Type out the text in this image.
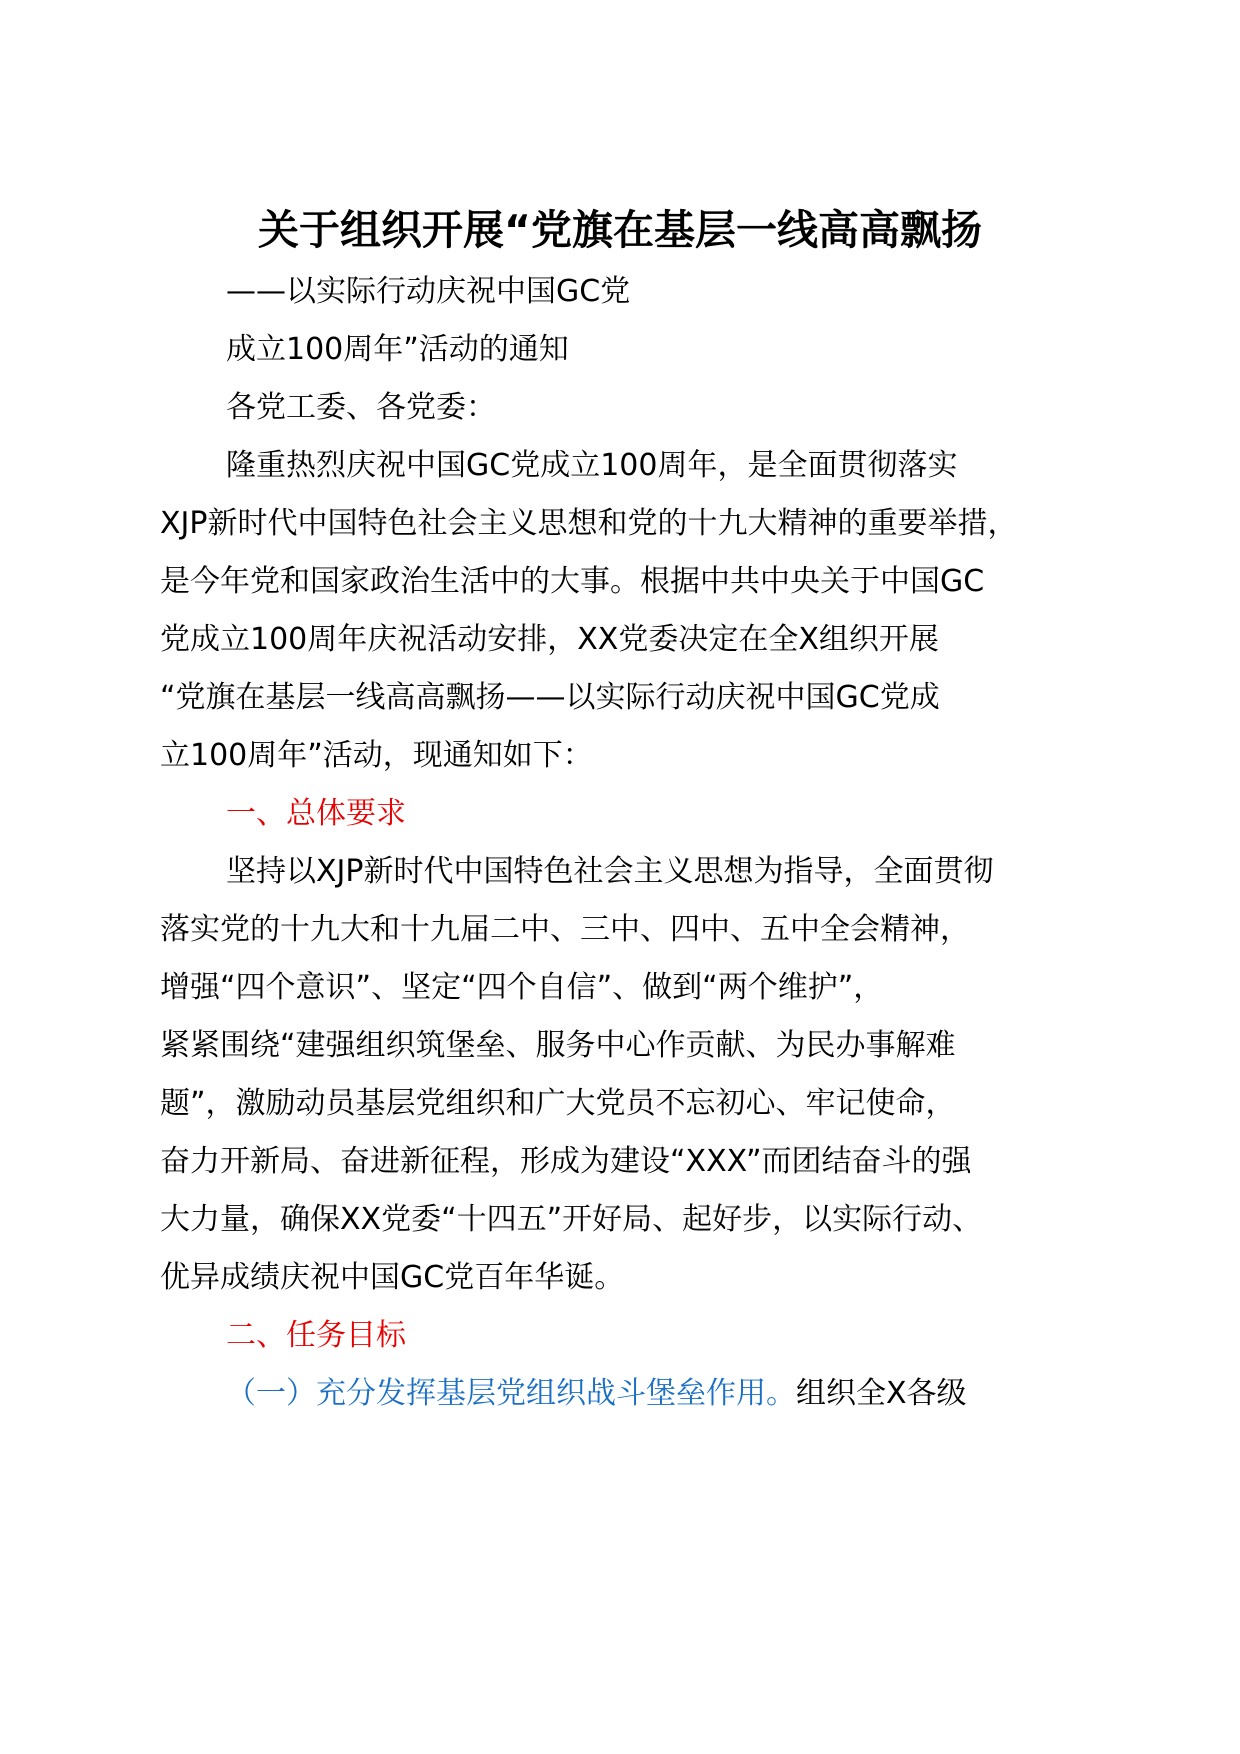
关于组织开展“党旗在基层一线高高飘扬
——以实际行动庆祝中国GC党
成立100周年”活动的通知
各党工委、各党委：
隆重热烈庆祝中国GC党成立100周年，是全面贯彻落实
XJP新时代中国特色社会主义思想和党的十九大精神的重要举措，
是今年党和国家政治生活中的大事。根据中共中央关于中国GC
党成立100周年庆祝活动安排，XX党委决定在全X组织开展
“党旗在基层一线高高飘扬——以实际行动庆祝中国GC党成
立100周年”活动，现通知如下：
一、总体要求
坚持以XJP新时代中国特色社会主义思想为指导，全面贯彻
落实党的十九大和十九届二中、三中、四中、五中全会精神，
增强“四个意识”、坚定“四个自信”、做到“两个维护”，
紧紧围绕“建强组织筑堡垒、服务中心作贡献、为民办事解难
题”，激励动员基层党组织和广大党员不忘初心、牢记使命，
奋力开新局、奋进新征程，形成为建设“XXX”而团结奋斗的强
大力量，确保XX党委“十四五”开好局、起好步，以实际行动、
优异成绩庆祝中国GC党百年华诞。
二、任务目标
（一）充分发挥基层党组织战斗堡垒作用。组织全X各级
